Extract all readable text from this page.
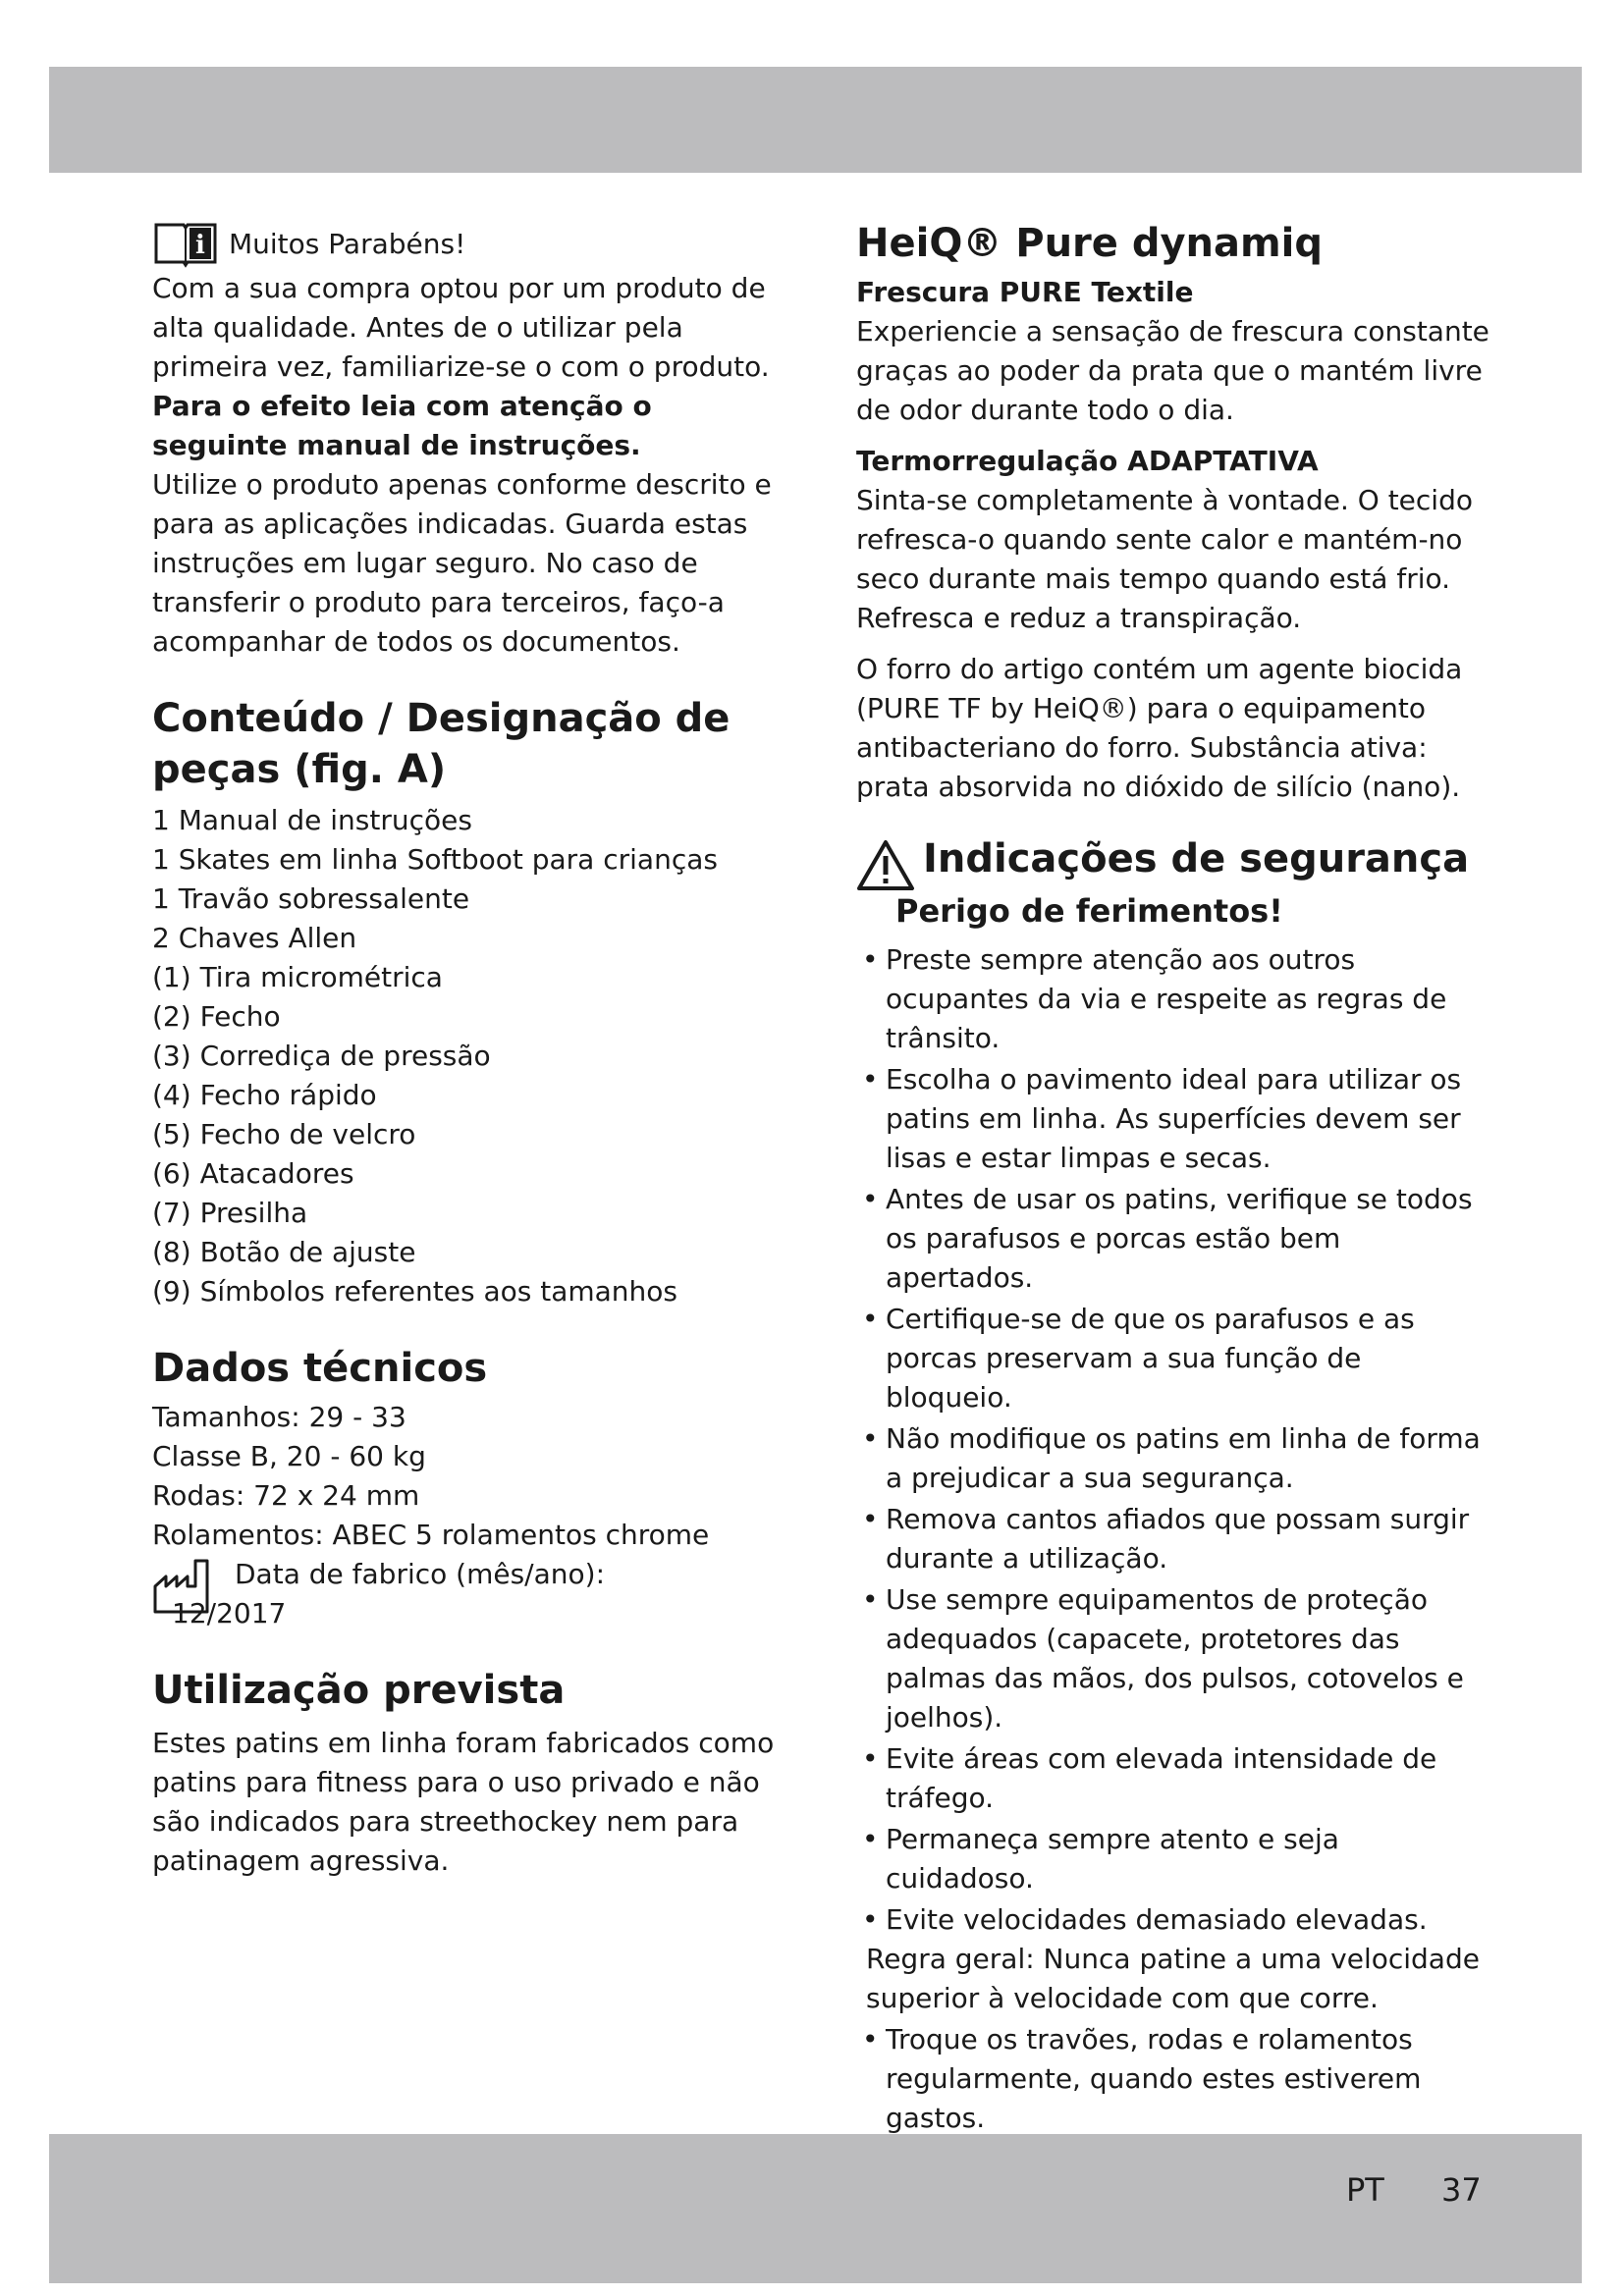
i Muitos Parabéns!

Com a sua compra optou por um produto de alta qualidade. Antes de o utilizar pela primeira vez, familiarize-se o com o produto.

Para o efeito leia com atenção o seguinte manual de instruções.

Utilize o produto apenas conforme descrito e para as aplicações indicadas. Guarda estas instruções em lugar seguro. No caso de transferir o produto para terceiros, faço-a acompanhar de todos os documentos.

Conteúdo / Designação de peças (fig. A)
1 Manual de instruções
1 Skates em linha Softboot para crianças
1 Travão sobressalente
2 Chaves Allen
(1) Tira micrométrica
(2) Fecho
(3) Corrediça de pressão
(4) Fecho rápido
(5) Fecho de velcro
(6) Atacadores
(7) Presilha
(8) Botão de ajuste
(9) Símbolos referentes aos tamanhos
Dados técnicos
Tamanhos: 29 - 33
Classe B, 20 - 60 kg
Rodas: 72 x 24 mm
Rolamentos: ABEC 5 rolamentos chrome
Data de fabrico (mês/ano):
12/2017
Utilização prevista

Estes patins em linha foram fabricados como patins para fitness para o uso privado e não são indicados para streethockey nem para patinagem agressiva.

HeiQ® Pure dynamiq

Frescura PURE Textile

Experiencie a sensação de frescura constante graças ao poder da prata que o mantém livre de odor durante todo o dia.

Termorregulação ADAPTATIVA

Sinta-se completamente à vontade. O tecido refresca-o quando sente calor e mantém-no seco durante mais tempo quando está frio. Refresca e reduz a transpiração.

O forro do artigo contém um agente biocida (PURE TF by HeiQ®) para o equipamento antibacteriano do forro. Substância ativa: prata absorvida no dióxido de silício (nano).

Indicações de segurança
Perigo de ferimentos!
• Preste sempre atenção aos outros ocupantes da via e respeite as regras de trânsito.
• Escolha o pavimento ideal para utilizar os patins em linha. As superfícies devem ser lisas e estar limpas e secas.
• Antes de usar os patins, verifique se todos os parafusos e porcas estão bem apertados.
• Certifique-se de que os parafusos e as porcas preservam a sua função de bloqueio.
• Não modifique os patins em linha de forma a prejudicar a sua segurança.
• Remova cantos afiados que possam surgir durante a utilização.
• Use sempre equipamentos de proteção adequados (capacete, protetores das palmas das mãos, dos pulsos, cotovelos e joelhos).
• Evite áreas com elevada intensidade de tráfego.
• Permaneça sempre atento e seja cuidadoso.
• Evite velocidades demasiado elevadas.
Regra geral: Nunca patine a uma velocidade superior à velocidade com que corre.
• Troque os travões, rodas e rolamentos regularmente, quando estes estiverem gastos.
•
•
PT 37
